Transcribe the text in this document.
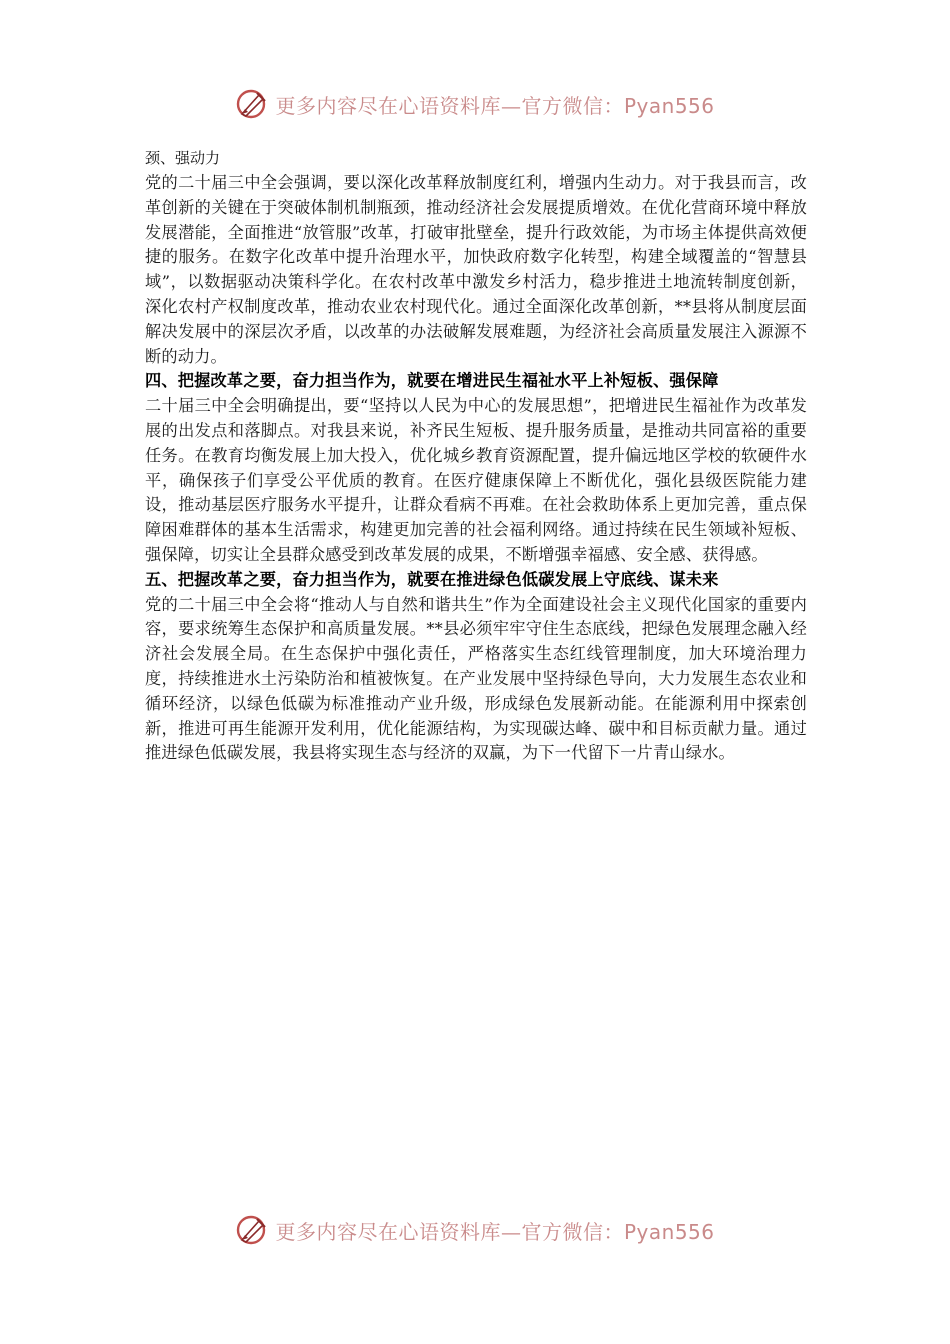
更多内容尽在心语资料库—官方微信：Pyan556

颈、强动力

党的二十届三中全会强调，要以深化改革释放制度红利，增强内生动力。对于我县而言，改革创新的关键在于突破体制机制瓶颈，推动经济社会发展提质增效。在优化营商环境中释放发展潜能，全面推进“放管服”改革，打破审批壁垒，提升行政效能，为市场主体提供高效便捷的服务。在数字化改革中提升治理水平，加快政府数字化转型，构建全域覆盖的“智慧县域”，以数据驱动决策科学化。在农村改革中激发乡村活力，稳步推进土地流转制度创新，深化农村产权制度改革，推动农业农村现代化。通过全面深化改革创新，**县将从制度层面解决发展中的深层次矛盾，以改革的办法破解发展难题，为经济社会高质量发展注入源源不断的动力。

四、把握改革之要，奋力担当作为，就要在增进民生福祉水平上补短板、强保障

二十届三中全会明确提出，要“坚持以人民为中心的发展思想”，把增进民生福祉作为改革发展的出发点和落脚点。对我县来说，补齐民生短板、提升服务质量，是推动共同富裕的重要任务。在教育均衡发展上加大投入，优化城乡教育资源配置，提升偏远地区学校的软硬件水平，确保孩子们享受公平优质的教育。在医疗健康保障上不断优化，强化县级医院能力建设，推动基层医疗服务水平提升，让群众看病不再难。在社会救助体系上更加完善，重点保障困难群体的基本生活需求，构建更加完善的社会福利网络。通过持续在民生领域补短板、强保障，切实让全县群众感受到改革发展的成果，不断增强幸福感、安全感、获得感。

五、把握改革之要，奋力担当作为，就要在推进绿色低碳发展上守底线、谋未来

党的二十届三中全会将“推动人与自然和谐共生”作为全面建设社会主义现代化国家的重要内容，要求统筹生态保护和高质量发展。**县必须牢牢守住生态底线，把绿色发展理念融入经济社会发展全局。在生态保护中强化责任，严格落实生态红线管理制度，加大环境治理力度，持续推进水土污染防治和植被恢复。在产业发展中坚持绿色导向，大力发展生态农业和循环经济，以绿色低碳为标准推动产业升级，形成绿色发展新动能。在能源利用中探索创新，推进可再生能源开发利用，优化能源结构，为实现碳达峰、碳中和目标贡献力量。通过推进绿色低碳发展，我县将实现生态与经济的双赢，为下一代留下一片青山绿水。

更多内容尽在心语资料库—官方微信：Pyan556
